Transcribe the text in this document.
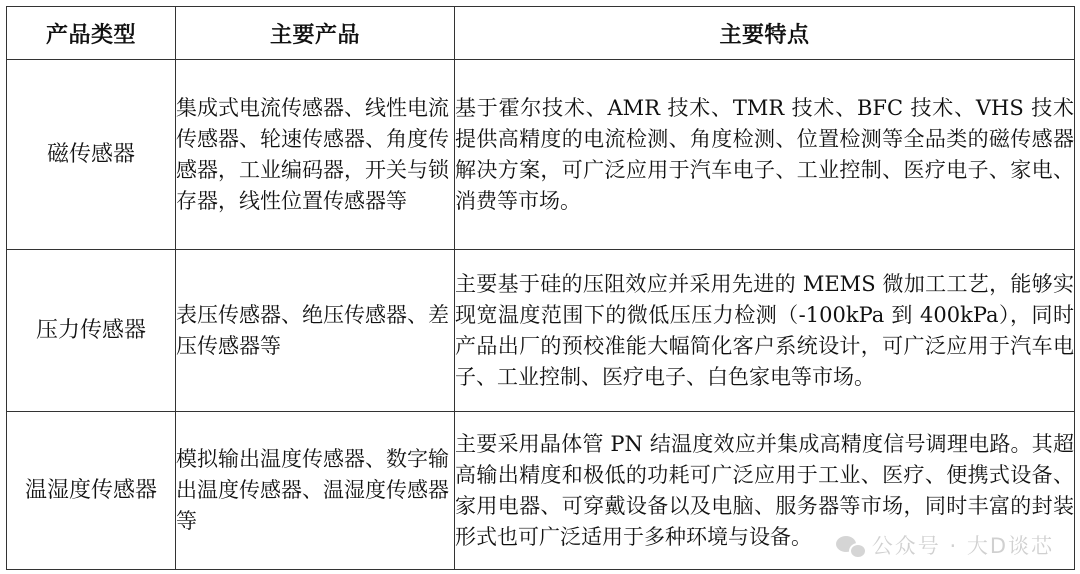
产品类型	主要产品	主要特点
磁传感器	集成式电流传感器、线性电流传感器、轮速传感器、角度传感器，工业编码器，开关与锁存器，线性位置传感器等	基于霍尔技术、AMR 技术、TMR 技术、BFC 技术、VHS 技术提供高精度的电流检测、角度检测、位置检测等全品类的磁传感器解决方案，可广泛应用于汽车电子、工业控制、医疗电子、家电、消费等市场。
压力传感器	表压传感器、绝压传感器、差压传感器等	主要基于硅的压阻效应并采用先进的 MEMS 微加工工艺，能够实现宽温度范围下的微低压压力检测（-100kPa 到 400kPa），同时产品出厂的预校准能大幅简化客户系统设计，可广泛应用于汽车电子、工业控制、医疗电子、白色家电等市场。
温湿度传感器	模拟输出温度传感器、数字输出温度传感器、温湿度传感器等	主要采用晶体管 PN 结温度效应并集成高精度信号调理电路。其超高输出精度和极低的功耗可广泛应用于工业、医疗、便携式设备、家用电器、可穿戴设备以及电脑、服务器等市场，同时丰富的封装形式也可广泛适用于多种环境与设备。	公众号 · 大D谈芯
